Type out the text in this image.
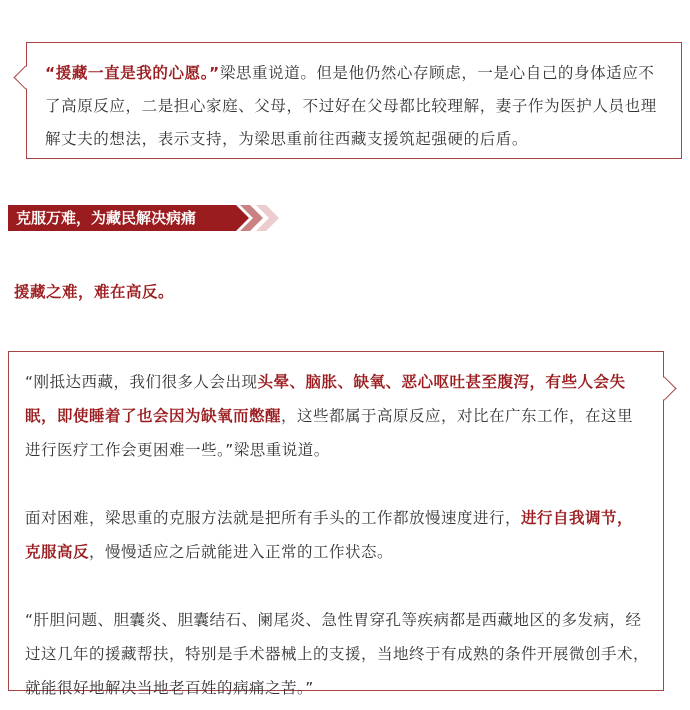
“援藏一直是我的心愿。”梁思重说道。但是他仍然心存顾虑，一是心自己的身体适应不了高原反应，二是担心家庭、父母，不过好在父母都比较理解，妻子作为医护人员也理解丈夫的想法，表示支持，为梁思重前往西藏支援筑起强硬的后盾。
克服万难，为藏民解决病痛
援藏之难，难在高反。

“刚抵达西藏，我们很多人会出现头晕、脑胀、缺氧、恶心呕吐甚至腹泻，有些人会失眠，即使睡着了也会因为缺氧而憋醒，这些都属于高原反应，对比在广东工作，在这里进行医疗工作会更困难一些。”梁思重说道。

面对困难，梁思重的克服方法就是把所有手头的工作都放慢速度进行，进行自我调节，克服高反，慢慢适应之后就能进入正常的工作状态。

“肝胆问题、胆囊炎、胆囊结石、阑尾炎、急性胃穿孔等疾病都是西藏地区的多发病，经过这几年的援藏帮扶，特别是手术器械上的支援，当地终于有成熟的条件开展微创手术，就能很好地解决当地老百姓的病痛之苦。”
